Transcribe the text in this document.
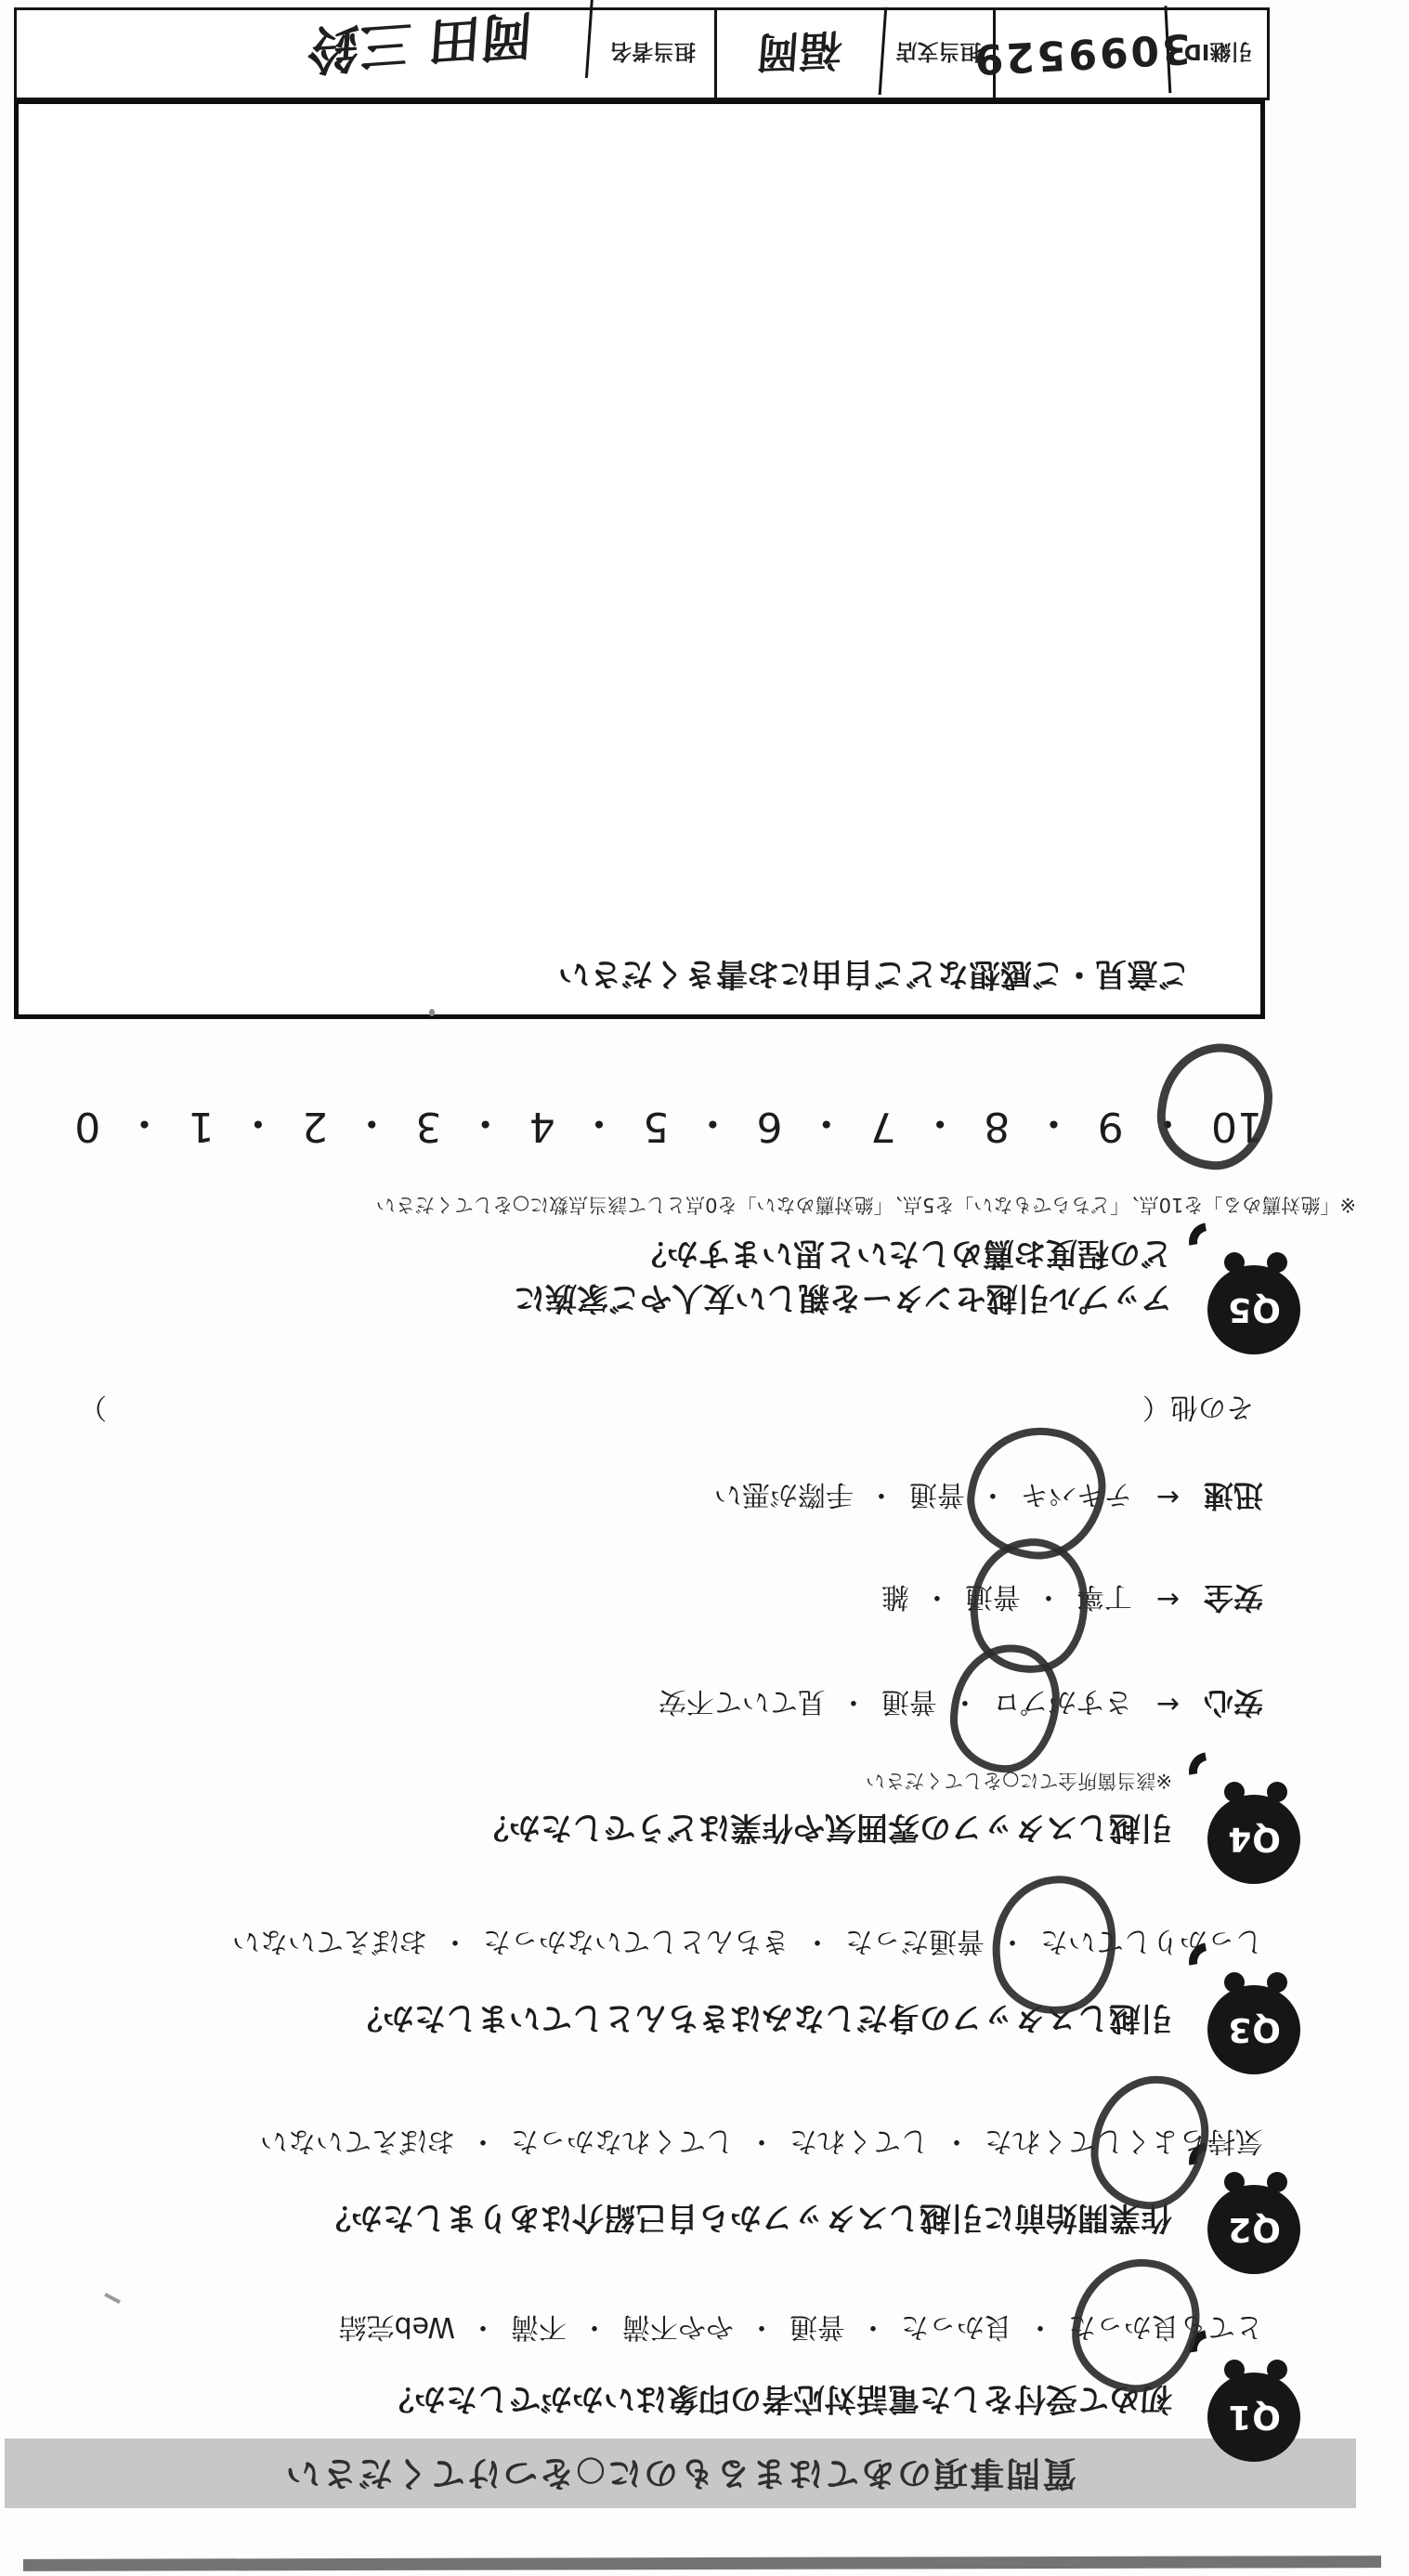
質問事項のあてはまるものに○をつけてください
Q1
初めて受付をした電話対応者の印象はいかがでしたか？
とても良かった・良かった・普通・やや不満・不満・Web完結
Q2
作業開始前に引越しスタッフから自己紹介はありましたか？
気持ちよくしてくれた・してくれた・してくれなかった・おぼえていない
Q3
引越しスタッフの身だしなみはきちんとしていましたか？
しっかりしていた・普通だった・きちんとしていなかった・おぼえていない
Q4
引越しスタッフの雰囲気や作業はどうでしたか？
※該当箇所全てに○をしてください
安心
←
さすがプロ・普通・見ていて不安
安全
←
丁寧・普通・雑
迅速
←
テキパキ・普通・手際が悪い
その他（
）
Q5
アップル引越センターを親しい友人やご家族に
どの程度お薦めしたいと思いますか？
※「絶対薦める」を10点、「どちらでもない」を5点、「絶対薦めない」を0点として該当点数に○をしてください
10
・
9
・
8
・
7
・
6
・
5
・
4
・
3
・
2
・
1
・
0
ご意見・ご感想などご自由にお書きください
引継ID
3099529
担当支店
福岡
担当者名
岡田 三鈴
